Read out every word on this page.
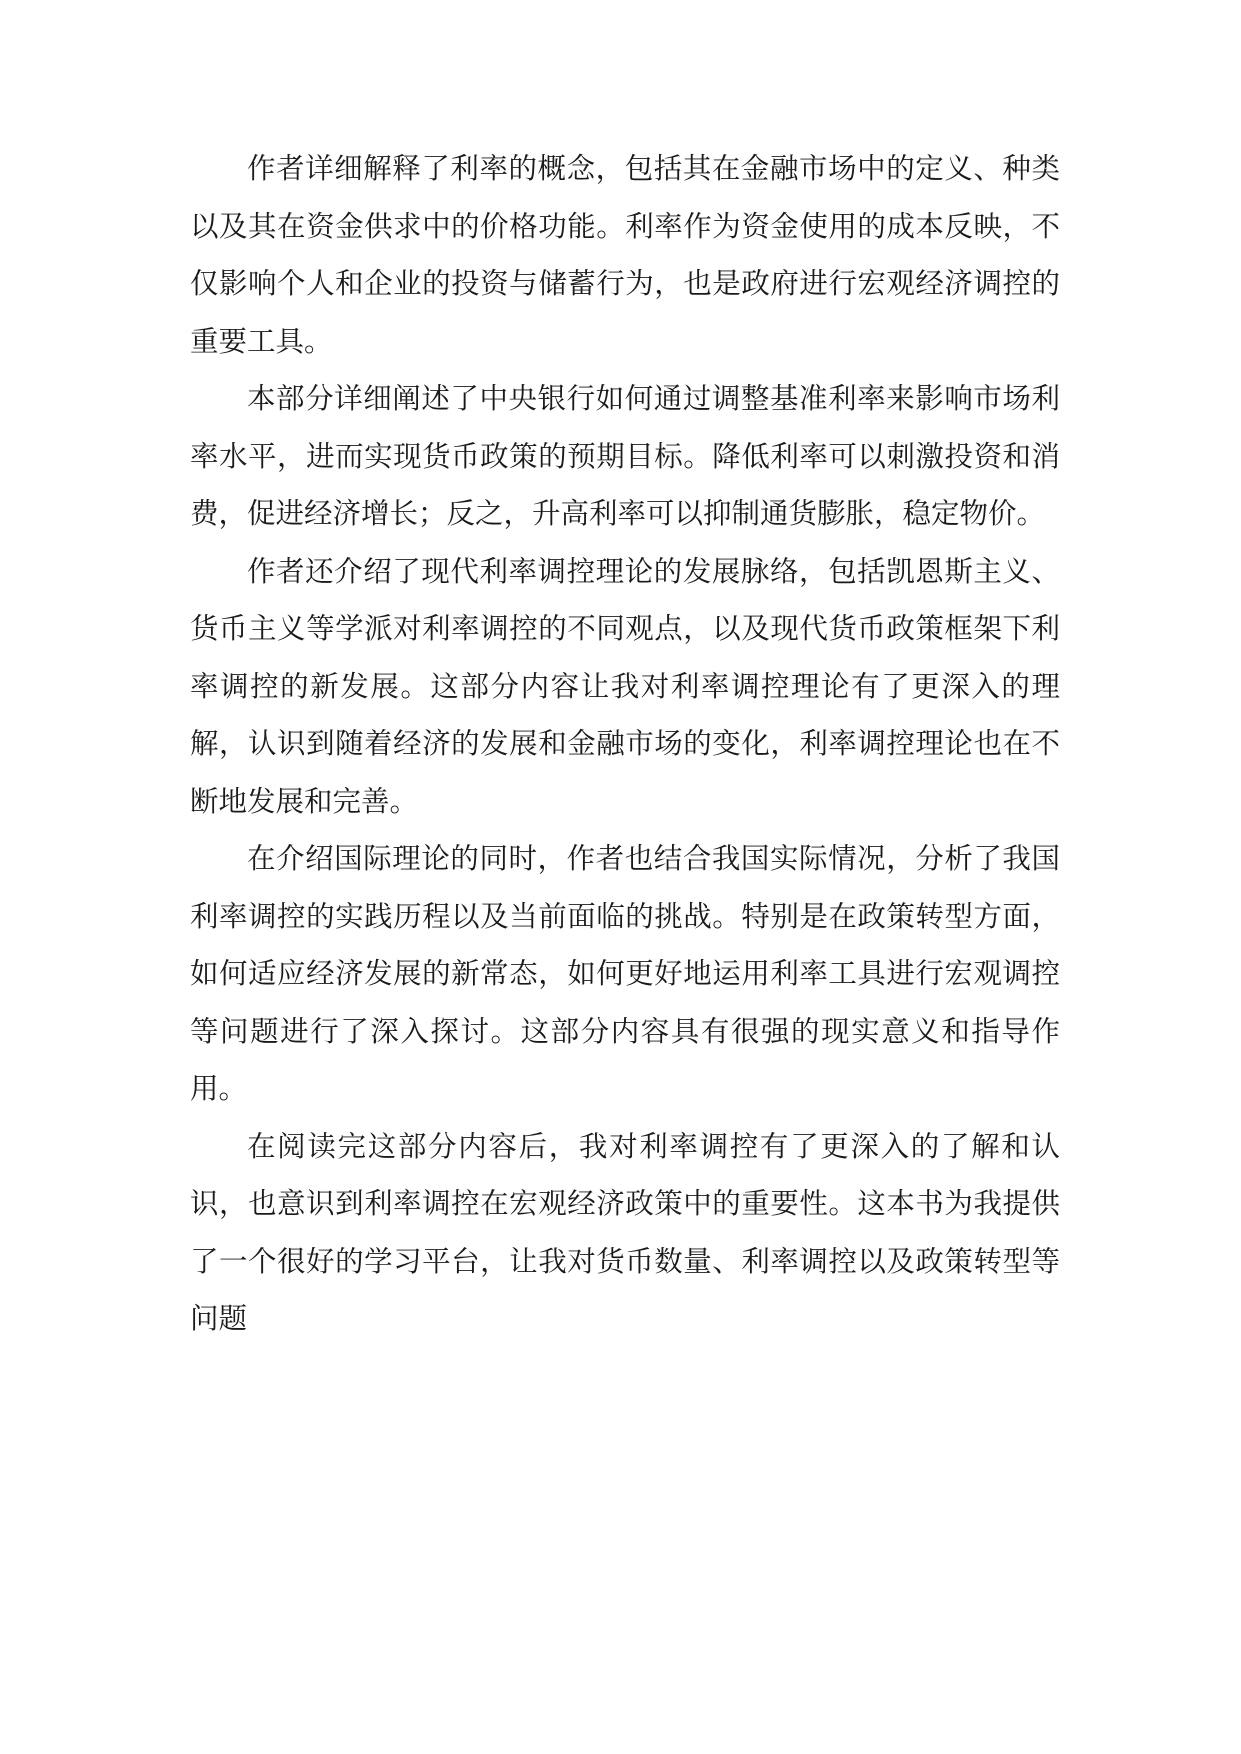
作者详细解释了利率的概念，包括其在金融市场中的定义、种类以及其在资金供求中的价格功能。利率作为资金使用的成本反映，不仅影响个人和企业的投资与储蓄行为，也是政府进行宏观经济调控的重要工具。

本部分详细阐述了中央银行如何通过调整基准利率来影响市场利率水平，进而实现货币政策的预期目标。降低利率可以刺激投资和消费，促进经济增长；反之，升高利率可以抑制通货膨胀，稳定物价。

作者还介绍了现代利率调控理论的发展脉络，包括凯恩斯主义、货币主义等学派对利率调控的不同观点，以及现代货币政策框架下利率调控的新发展。这部分内容让我对利率调控理论有了更深入的理解，认识到随着经济的发展和金融市场的变化，利率调控理论也在不断地发展和完善。

在介绍国际理论的同时，作者也结合我国实际情况，分析了我国利率调控的实践历程以及当前面临的挑战。特别是在政策转型方面，如何适应经济发展的新常态，如何更好地运用利率工具进行宏观调控等问题进行了深入探讨。这部分内容具有很强的现实意义和指导作用。

在阅读完这部分内容后，我对利率调控有了更深入的了解和认识，也意识到利率调控在宏观经济政策中的重要性。这本书为我提供了一个很好的学习平台，让我对货币数量、利率调控以及政策转型等问题
